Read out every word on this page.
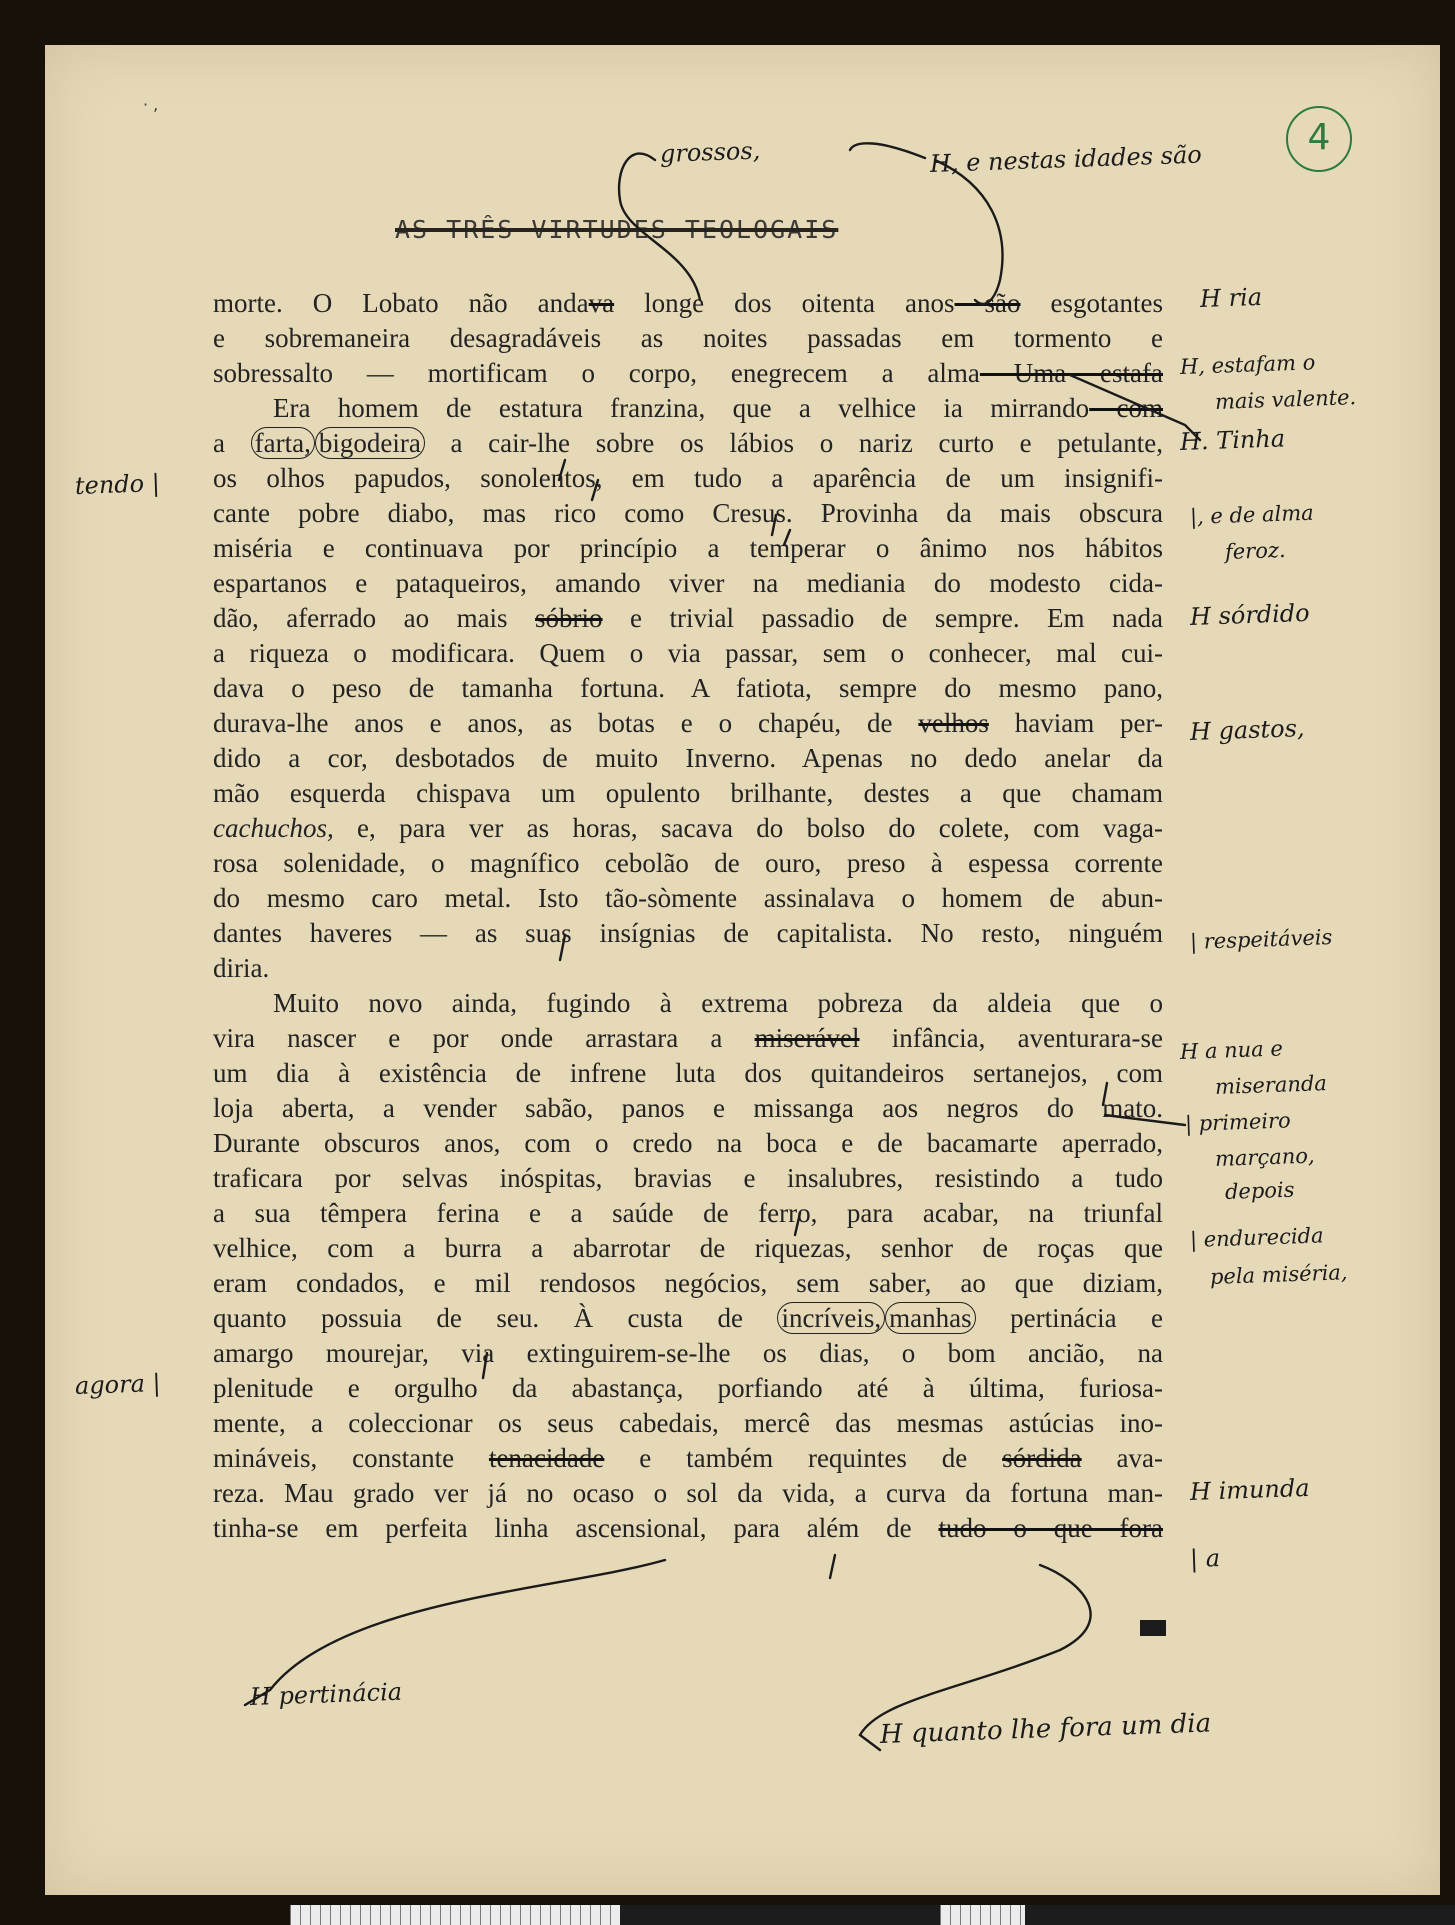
· ,
4
AS TRÊS VIRTUDES TEOLOGAIS
morte. O Lobato não andava longe dos oitenta anos são esgotantes
e sobremaneira desagradáveis as noites passadas em tormento e
sobressalto — mortificam o corpo, enegrecem a alma Uma estafa
Era homem de estatura franzina, que a velhice ia mirrando com
a farta, bigodeira a cair-lhe sobre os lábios o nariz curto e petulante,
os olhos papudos, sonolentos, em tudo a aparência de um insignifi-
cante pobre diabo, mas rico como Cresus. Provinha da mais obscura
miséria e continuava por princípio a temperar o ânimo nos hábitos
espartanos e pataqueiros, amando viver na mediania do modesto cida-
dão, aferrado ao mais sóbrio e trivial passadio de sempre. Em nada
a riqueza o modificara. Quem o via passar, sem o conhecer, mal cui-
dava o peso de tamanha fortuna. A fatiota, sempre do mesmo pano,
durava-lhe anos e anos, as botas e o chapéu, de velhos haviam per-
dido a cor, desbotados de muito Inverno. Apenas no dedo anelar da
mão esquerda chispava um opulento brilhante, destes a que chamam
cachuchos, e, para ver as horas, sacava do bolso do colete, com vaga-
rosa solenidade, o magnífico cebolão de ouro, preso à espessa corrente
do mesmo caro metal. Isto tão-sòmente assinalava o homem de abun-
dantes haveres — as suas insígnias de capitalista. No resto, ninguém
diria.
Muito novo ainda, fugindo à extrema pobreza da aldeia que o
vira nascer e por onde arrastara a miserável infância, aventurara-se
um dia à existência de infrene luta dos quitandeiros sertanejos, com
loja aberta, a vender sabão, panos e missanga aos negros do mato.
Durante obscuros anos, com o credo na boca e de bacamarte aperrado,
traficara por selvas inóspitas, bravias e insalubres, resistindo a tudo
a sua têmpera ferina e a saúde de ferro, para acabar, na triunfal
velhice, com a burra a abarrotar de riquezas, senhor de roças que
eram condados, e mil rendosos negócios, sem saber, ao que diziam,
quanto possuia de seu. À custa de incríveis, manhas pertinácia e
amargo mourejar, via extinguirem-se-lhe os dias, o bom ancião, na
plenitude e orgulho da abastança, porfiando até à última, furiosa-
mente, a coleccionar os seus cabedais, mercê das mesmas astúcias ino-
mináveis, constante tenacidade e também requintes de sórdida ava-
reza. Mau grado ver já no ocaso o sol da vida, a curva da fortuna man-
tinha-se em perfeita linha ascensional, para além de tudo o que fora
grossos,	H, e nestas idades são
H ria
H, estafam o
mais valente.
H. Tinha
|, e de alma
feroz.
H sórdido
H gastos,
| respeitáveis
H a nua e
miseranda
| primeiro
marçano,
depois
| endurecida
pela miséria,
H imunda
| a
tendo |
agora |
H pertinácia
H quanto lhe fora um dia
